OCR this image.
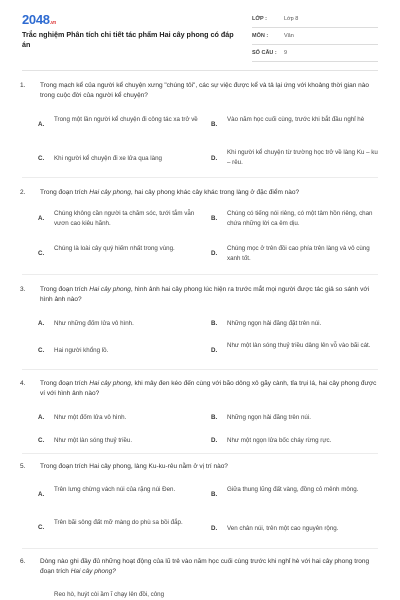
2048.vn
Trắc nghiệm Phân tích chi tiết tác phẩm Hai cây phong có đáp án
LỚP :	Lớp 8
MÔN :	Văn
SỐ CÂU : 9
1. Trong mạch kể của người kể chuyện xưng "chúng tôi", các sự việc được kể và tả lại ứng với khoảng thời gian nào trong cuộc đời của người kể chuyện?
A.
Trong một lần người kể chuyện đi công tác xa trở về
B.
Vào năm học cuối cùng, trước khi bắt đầu nghỉ hè
C. Khi người kể chuyện đi xe lửa qua làng	D.
Khi người kể chuyện từ trường học trở về làng Ku – ku – rêu.
2. Trong đoạn trích Hai cây phong, hai cây phong khác cây khác trong làng ở đặc điểm nào?
A.
Chúng không cần người ta chăm sóc, tưới tắm vẫn vươn cao kiêu hãnh.
B.
Chúng có tiếng nói riêng, có một tâm hồn riêng, chan chứa những lời ca êm dịu.
C.
Chúng là loài cây quý hiếm nhất trong vùng.
D.
Chúng mọc ở trên đồi cao phía trên làng và vô cùng xanh tốt.
3. Trong đoạn trích Hai cây phong, hình ảnh hai cây phong lúc hiện ra trước mắt mọi người được tác giả so sánh với hình ảnh nào?
A. Như những đốm lửa vô hình.	B. Những ngọn hải đăng đặt trên núi.
C. Hai người khổng lồ.	D.
Như một làn sóng thuỷ triều dâng lên vỗ vào bãi cát.
4. Trong đoạn trích Hai cây phong, khi mây đen kéo đến cùng với bão dông xô gãy cành, tỉa trụi lá, hai cây phong được ví với hình ảnh nào?
A. Như một đốm lửa vô hình.	B. Những ngọn hải đăng trên núi.
C. Như một làn sóng thuỷ triều.	D. Như một ngọn lửa bốc cháy rừng rực.
5. Trong đoạn trích Hai cây phong, làng Ku-ku-rêu nằm ở vị trí nào?
A.
Trên lưng chừng vách núi của rặng núi Đen.
B.
Giữa thung lũng đất vàng, đồng cỏ mênh mông.
C.
Trên bãi sông đất mỡ màng do phù sa bồi đắp.
D. Ven chân núi, trên một cao nguyên rộng.
6. Dòng nào ghi đầy đủ những hoạt động của lũ trẻ vào năm học cuối cùng trước khi nghỉ hè với hai cây phong trong đoạn trích Hai cây phong?
Reo hò, huýt còi ầm ĩ chạy lên đồi, công
